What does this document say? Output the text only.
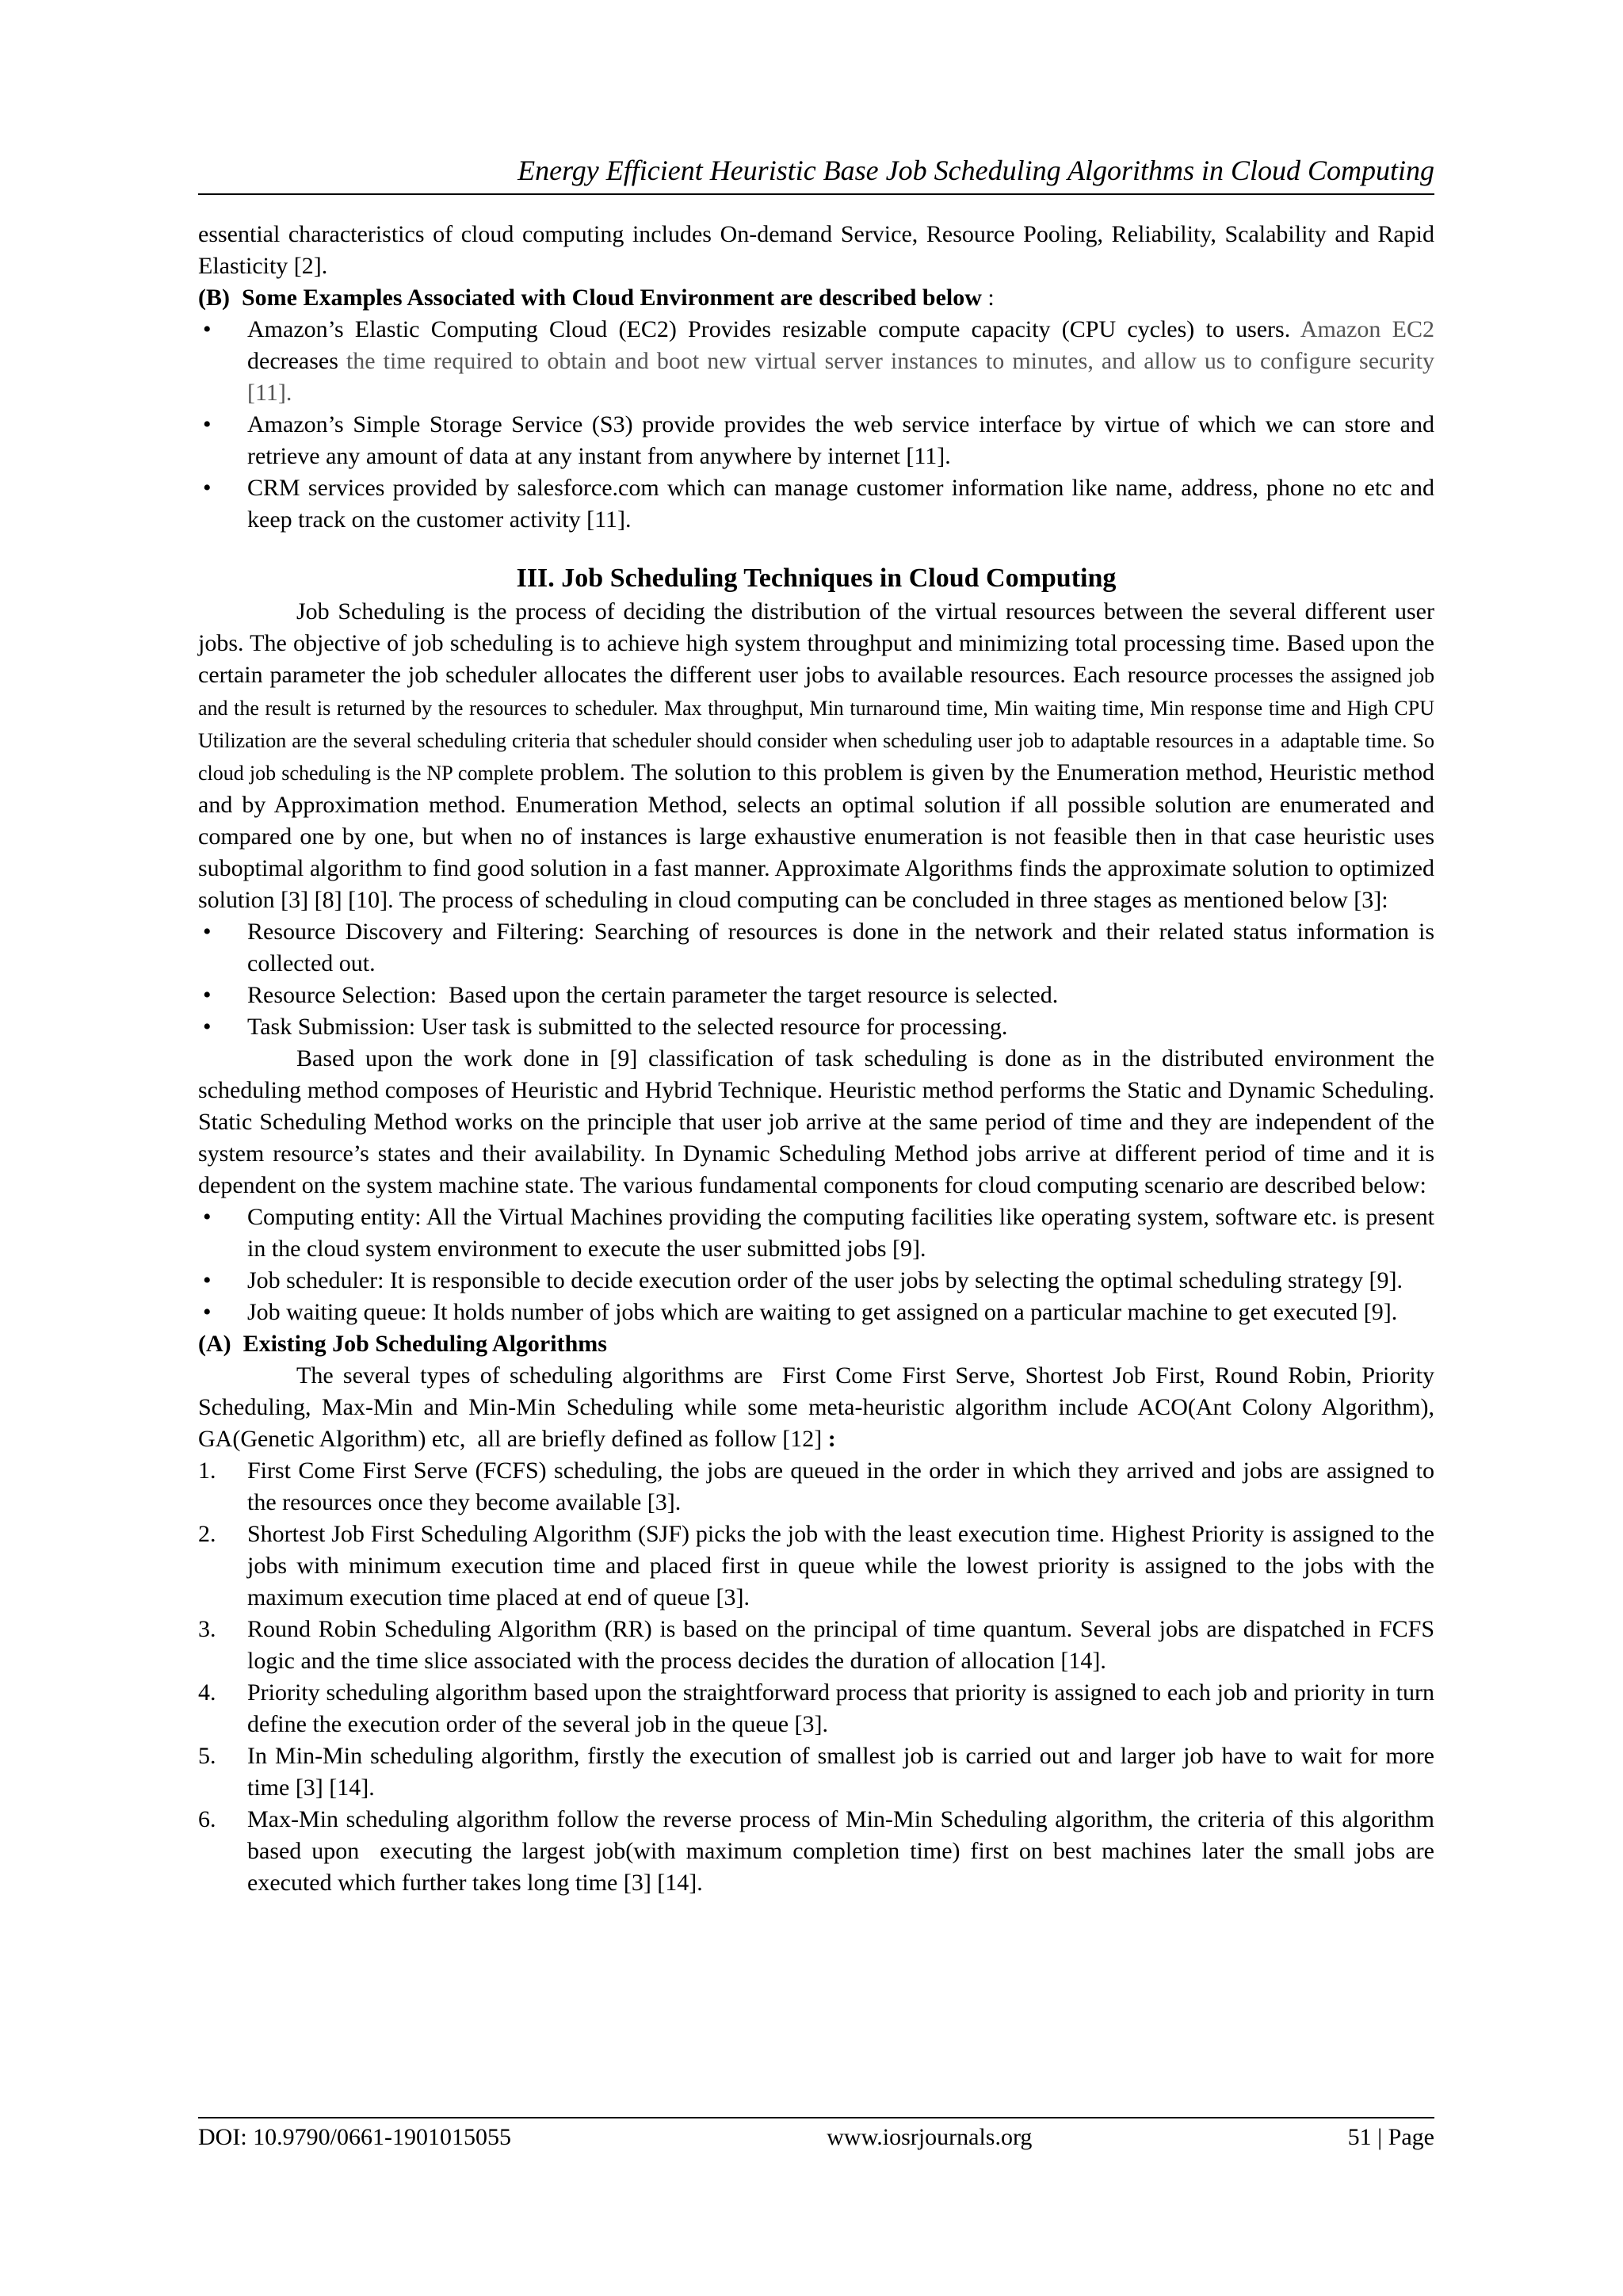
Energy Efficient Heuristic Base Job Scheduling Algorithms in Cloud Computing

essential characteristics of cloud computing includes On-demand Service, Resource Pooling, Reliability, Scalability and Rapid Elasticity [2].

(B)  Some Examples Associated with Cloud Environment are described below :
• Amazon’s Elastic Computing Cloud (EC2) Provides resizable compute capacity (CPU cycles) to users. Amazon EC2 decreases the time required to obtain and boot new virtual server instances to minutes, and allow us to configure security [11].
• Amazon’s Simple Storage Service (S3) provide provides the web service interface by virtue of which we can store and retrieve any amount of data at any instant from anywhere by internet [11].
• CRM services provided by salesforce.com which can manage customer information like name, address, phone no etc and keep track on the customer activity [11].
III. Job Scheduling Techniques in Cloud Computing

Job Scheduling is the process of deciding the distribution of the virtual resources between the several different user jobs. The objective of job scheduling is to achieve high system throughput and minimizing total processing time. Based upon the certain parameter the job scheduler allocates the different user jobs to available resources. Each resource processes the assigned job and the result is returned by the resources to scheduler. Max throughput, Min turnaround time, Min waiting time, Min response time and High CPU Utilization are the several scheduling criteria that scheduler should consider when scheduling user job to adaptable resources in a  adaptable time. So cloud job scheduling is the NP complete problem. The solution to this problem is given by the Enumeration method, Heuristic method and by Approximation method. Enumeration Method, selects an optimal solution if all possible solution are enumerated and compared one by one, but when no of instances is large exhaustive enumeration is not feasible then in that case heuristic uses suboptimal algorithm to find good solution in a fast manner. Approximate Algorithms finds the approximate solution to optimized solution [3] [8] [10]. The process of scheduling in cloud computing can be concluded in three stages as mentioned below [3]:

• Resource Discovery and Filtering: Searching of resources is done in the network and their related status information is collected out.
• Resource Selection:  Based upon the certain parameter the target resource is selected.
• Task Submission: User task is submitted to the selected resource for processing.

Based upon the work done in [9] classification of task scheduling is done as in the distributed environment the scheduling method composes of Heuristic and Hybrid Technique. Heuristic method performs the Static and Dynamic Scheduling. Static Scheduling Method works on the principle that user job arrive at the same period of time and they are independent of the system resource’s states and their availability. In Dynamic Scheduling Method jobs arrive at different period of time and it is dependent on the system machine state. The various fundamental components for cloud computing scenario are described below:

• Computing entity: All the Virtual Machines providing the computing facilities like operating system, software etc. is present in the cloud system environment to execute the user submitted jobs [9].
• Job scheduler: It is responsible to decide execution order of the user jobs by selecting the optimal scheduling strategy [9].
• Job waiting queue: It holds number of jobs which are waiting to get assigned on a particular machine to get executed [9].
(A)  Existing Job Scheduling Algorithms

The several types of scheduling algorithms are  First Come First Serve, Shortest Job First, Round Robin, Priority Scheduling, Max-Min and Min-Min Scheduling while some meta-heuristic algorithm include ACO(Ant Colony Algorithm), GA(Genetic Algorithm) etc,  all are briefly defined as follow [12] :

1. First Come First Serve (FCFS) scheduling, the jobs are queued in the order in which they arrived and jobs are assigned to the resources once they become available [3].
2. Shortest Job First Scheduling Algorithm (SJF) picks the job with the least execution time. Highest Priority is assigned to the jobs with minimum execution time and placed first in queue while the lowest priority is assigned to the jobs with the maximum execution time placed at end of queue [3].
3. Round Robin Scheduling Algorithm (RR) is based on the principal of time quantum. Several jobs are dispatched in FCFS logic and the time slice associated with the process decides the duration of allocation [14].
4. Priority scheduling algorithm based upon the straightforward process that priority is assigned to each job and priority in turn define the execution order of the several job in the queue [3].
5. In Min-Min scheduling algorithm, firstly the execution of smallest job is carried out and larger job have to wait for more time [3] [14].
6. Max-Min scheduling algorithm follow the reverse process of Min-Min Scheduling algorithm, the criteria of this algorithm based upon  executing the largest job(with maximum completion time) first on best machines later the small jobs are executed which further takes long time [3] [14].
DOI: 10.9790/0661-1901015055	www.iosrjournals.org	51 | Page
